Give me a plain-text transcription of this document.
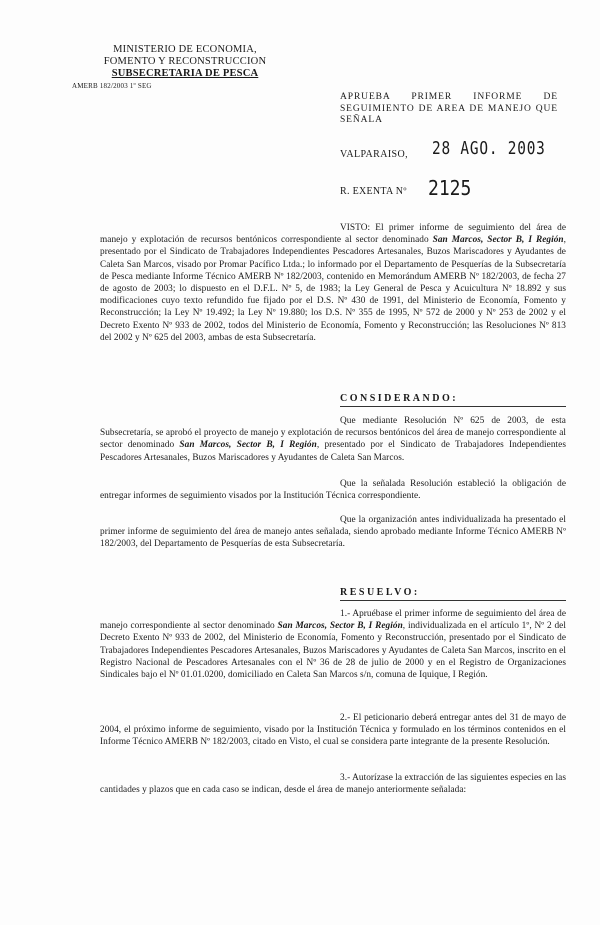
MINISTERIO DE ECONOMIA,
FOMENTO Y RECONSTRUCCION
SUBSECRETARIA DE PESCA
AMERB 182/2003 1º SEG
APRUEBA PRIMER INFORME DE SEGUIMIENTO DE AREA DE MANEJO QUE SEÑALA
VALPARAISO, 28 AGO. 2003
R. EXENTA Nº 2125
VISTO: El primer informe de seguimiento del área de manejo y explotación de recursos bentónicos correspondiente al sector denominado San Marcos, Sector B, I Región, presentado por el Sindicato de Trabajadores Independientes Pescadores Artesanales, Buzos Mariscadores y Ayudantes de Caleta San Marcos, visado por Promar Pacífico Ltda.; lo informado por el Departamento de Pesquerías de la Subsecretaría de Pesca mediante Informe Técnico AMERB Nº 182/2003, contenido en Memorándum AMERB Nº 182/2003, de fecha 27 de agosto de 2003; lo dispuesto en el D.F.L. Nº 5, de 1983; la Ley General de Pesca y Acuicultura Nº 18.892 y sus modificaciones cuyo texto refundido fue fijado por el D.S. Nº 430 de 1991, del Ministerio de Economía, Fomento y Reconstrucción; la Ley Nº 19.492; la Ley Nº 19.880; los D.S. Nº 355 de 1995, Nº 572 de 2000 y Nº 253 de 2002 y el Decreto Exento Nº 933 de 2002, todos del Ministerio de Economía, Fomento y Reconstrucción; las Resoluciones Nº 813 del 2002 y Nº 625 del 2003, ambas de esta Subsecretaría.
CONSIDERANDO:
Que mediante Resolución Nº 625 de 2003, de esta Subsecretaría, se aprobó el proyecto de manejo y explotación de recursos bentónicos del área de manejo correspondiente al sector denominado San Marcos, Sector B, I Región, presentado por el Sindicato de Trabajadores Independientes Pescadores Artesanales, Buzos Mariscadores y Ayudantes de Caleta San Marcos.
Que la señalada Resolución estableció la obligación de entregar informes de seguimiento visados por la Institución Técnica correspondiente.
Que la organización antes individualizada ha presentado el primer informe de seguimiento del área de manejo antes señalada, siendo aprobado mediante Informe Técnico AMERB Nº 182/2003, del Departamento de Pesquerías de esta Subsecretaría.
RESUELVO:
1.- Apruébase el primer informe de seguimiento del área de manejo correspondiente al sector denominado San Marcos, Sector B, I Región, individualizada en el artículo 1º, Nº 2 del Decreto Exento Nº 933 de 2002, del Ministerio de Economía, Fomento y Reconstrucción, presentado por el Sindicato de Trabajadores Independientes Pescadores Artesanales, Buzos Mariscadores y Ayudantes de Caleta San Marcos, inscrito en el Registro Nacional de Pescadores Artesanales con el Nº 36 de 28 de julio de 2000 y en el Registro de Organizaciones Sindicales bajo el Nº 01.01.0200, domiciliado en Caleta San Marcos s/n, comuna de Iquique, I Región.
2.- El peticionario deberá entregar antes del 31 de mayo de 2004, el próximo informe de seguimiento, visado por la Institución Técnica y formulado en los términos contenidos en el Informe Técnico AMERB Nº 182/2003, citado en Visto, el cual se considera parte integrante de la presente Resolución.
3.- Autorízase la extracción de las siguientes especies en las cantidades y plazos que en cada caso se indican, desde el área de manejo anteriormente señalada:
